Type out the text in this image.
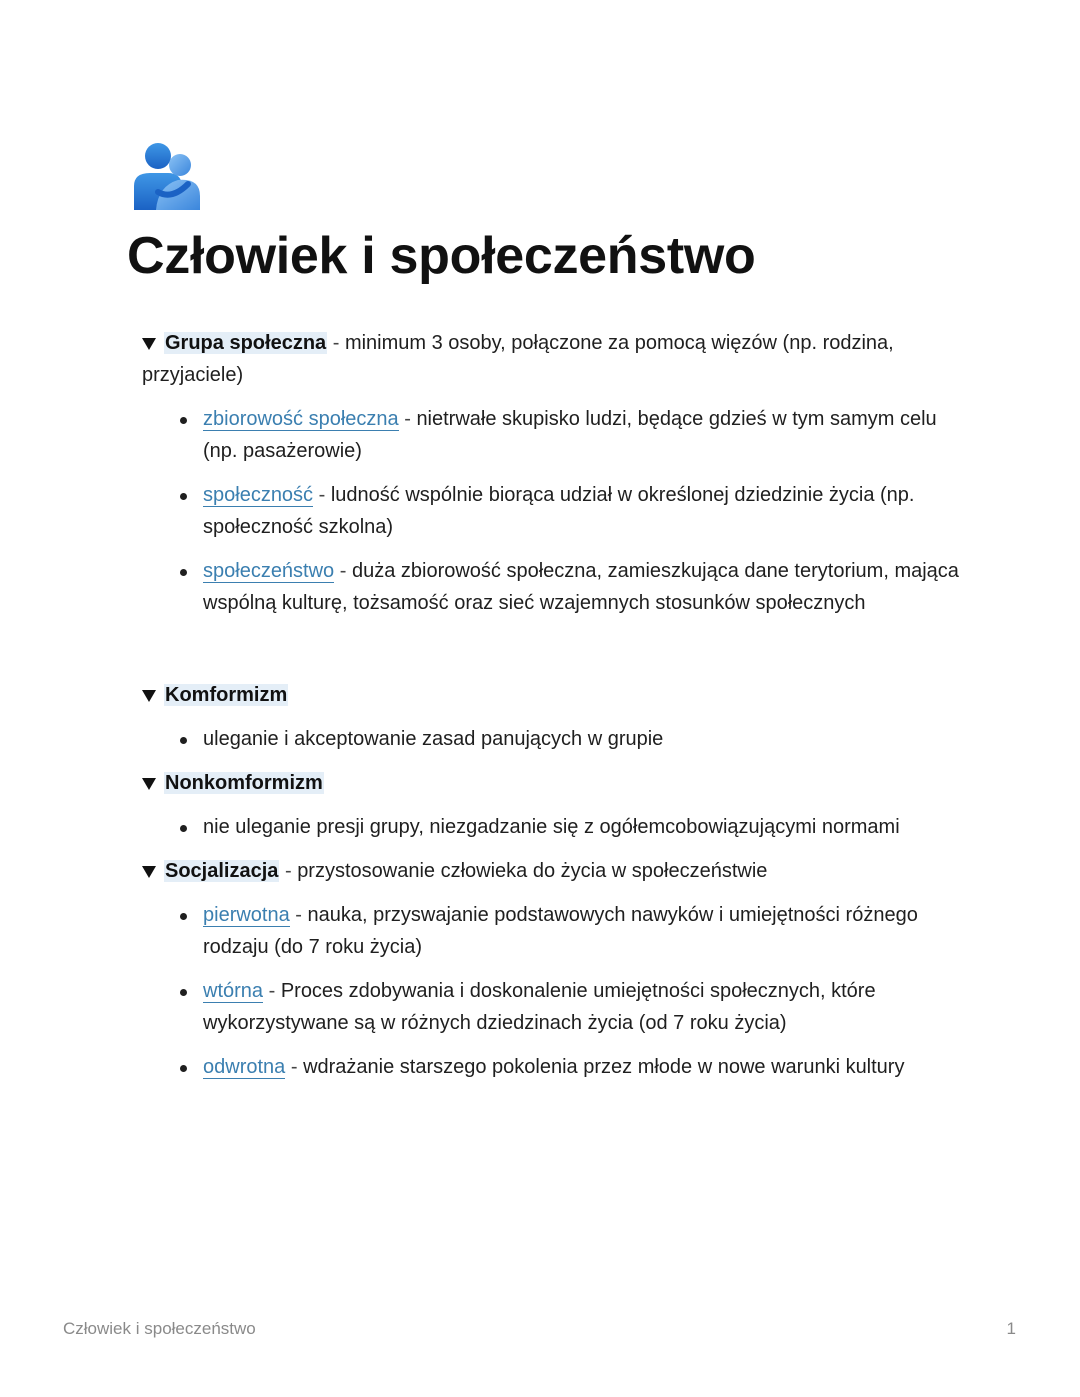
Człowiek i społeczeństwo
Grupa społeczna - minimum 3 osoby, połączone za pomocą więzów (np. rodzina, przyjaciele)
zbiorowość społeczna - nietrwałe skupisko ludzi, będące gdzieś w tym samym celu (np. pasażerowie)
społeczność - ludność wspólnie biorąca udział w określonej dziedzinie życia (np. społeczność szkolna)
społeczeństwo - duża zbiorowość społeczna, zamieszkująca dane terytorium, mająca wspólną kulturę, tożsamość oraz sieć wzajemnych stosunków społecznych
Komformizm
uleganie i akceptowanie zasad panujących w grupie
Nonkomformizm
nie uleganie presji grupy, niezgadzanie się z ogółemcobowiązującymi normami
Socjalizacja - przystosowanie człowieka do życia w społeczeństwie
pierwotna - nauka, przyswajanie podstawowych nawyków i umiejętności różnego rodzaju (do 7 roku życia)
wtórna - Proces zdobywania i doskonalenie umiejętności społecznych, które wykorzystywane są w różnych dziedzinach życia (od 7 roku życia)
odwrotna - wdrażanie starszego pokolenia przez młode w nowe warunki kultury
Człowiek i społeczeństwo	1
